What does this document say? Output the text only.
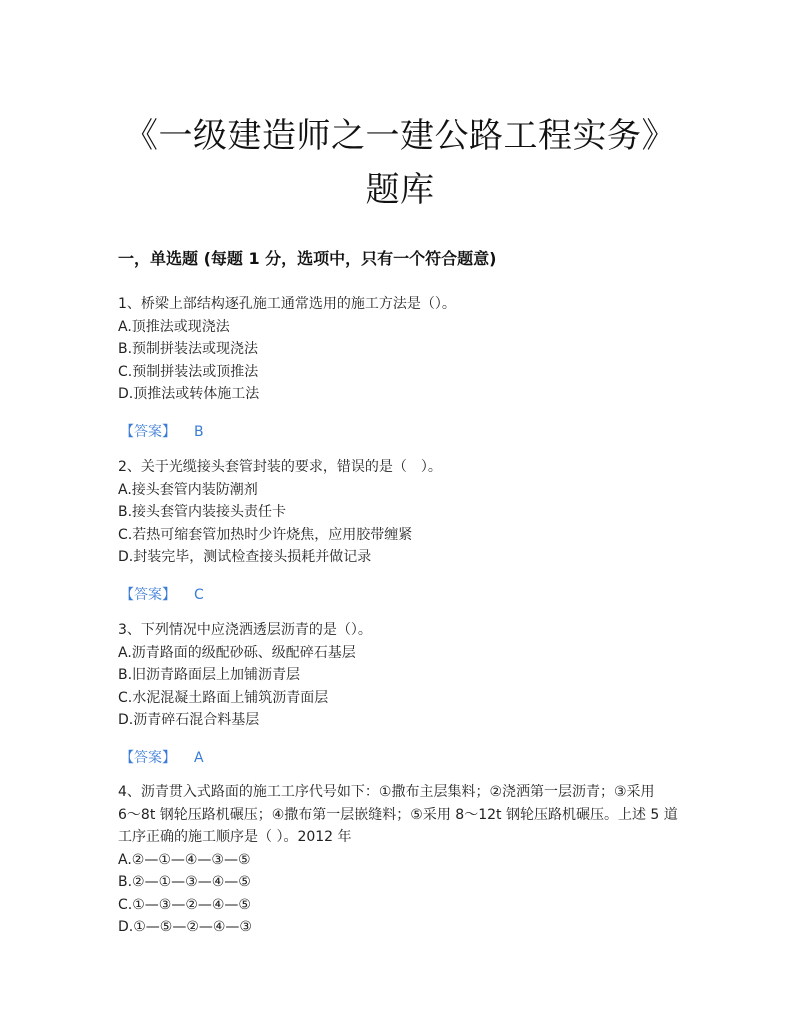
《一级建造师之一建公路工程实务》
题库
一，单选题 (每题 1 分，选项中，只有一个符合题意)

1、桥梁上部结构逐孔施工通常选用的施工方法是（）。

A.顶推法或现浇法

B.预制拼装法或现浇法

C.预制拼装法或顶推法

D.顶推法或转体施工法

【答案】 B

2、关于光缆接头套管封装的要求，错误的是（　）。

A.接头套管内装防潮剂

B.接头套管内装接头责任卡

C.若热可缩套管加热时少许烧焦，应用胶带缠紧

D.封装完毕，测试检查接头损耗并做记录

【答案】 C

3、下列情况中应浇洒透层沥青的是（）。

A.沥青路面的级配砂砾、级配碎石基层

B.旧沥青路面层上加铺沥青层

C.水泥混凝土路面上铺筑沥青面层

D.沥青碎石混合料基层

【答案】 A

4、沥青贯入式路面的施工工序代号如下：①撒布主层集料；②浇洒第一层沥青；③采用

6～8t 钢轮压路机碾压；④撒布第一层嵌缝料；⑤采用 8～12t 钢轮压路机碾压。上述 5 道

工序正确的施工顺序是（ ）。2012 年

A.②—①—④—③—⑤

B.②—①—③—④—⑤

C.①—③—②—④—⑤

D.①—⑤—②—④—③
